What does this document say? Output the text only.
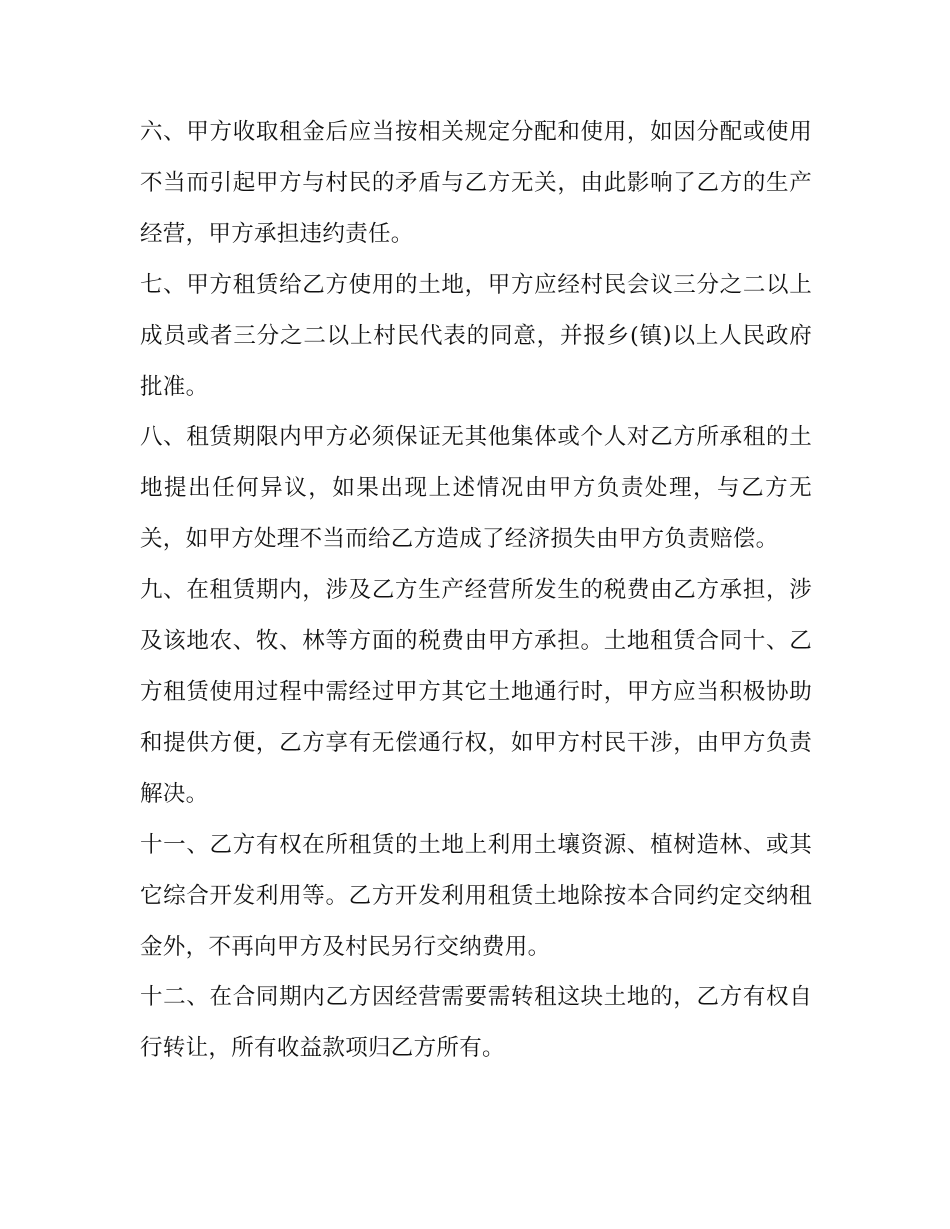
六、甲方收取租金后应当按相关规定分配和使用，如因分配或使用不当而引起甲方与村民的矛盾与乙方无关，由此影响了乙方的生产经营，甲方承担违约责任。

七、甲方租赁给乙方使用的土地，甲方应经村民会议三分之二以上成员或者三分之二以上村民代表的同意，并报乡(镇)以上人民政府批准。

八、租赁期限内甲方必须保证无其他集体或个人对乙方所承租的土地提出任何异议，如果出现上述情况由甲方负责处理，与乙方无关，如甲方处理不当而给乙方造成了经济损失由甲方负责赔偿。

九、在租赁期内，涉及乙方生产经营所发生的税费由乙方承担，涉及该地农、牧、林等方面的税费由甲方承担。土地租赁合同十、乙方租赁使用过程中需经过甲方其它土地通行时，甲方应当积极协助和提供方便，乙方享有无偿通行权，如甲方村民干涉，由甲方负责解决。

十一、乙方有权在所租赁的土地上利用土壤资源、植树造林、或其它综合开发利用等。乙方开发利用租赁土地除按本合同约定交纳租金外，不再向甲方及村民另行交纳费用。

十二、在合同期内乙方因经营需要需转租这块土地的，乙方有权自行转让，所有收益款项归乙方所有。
